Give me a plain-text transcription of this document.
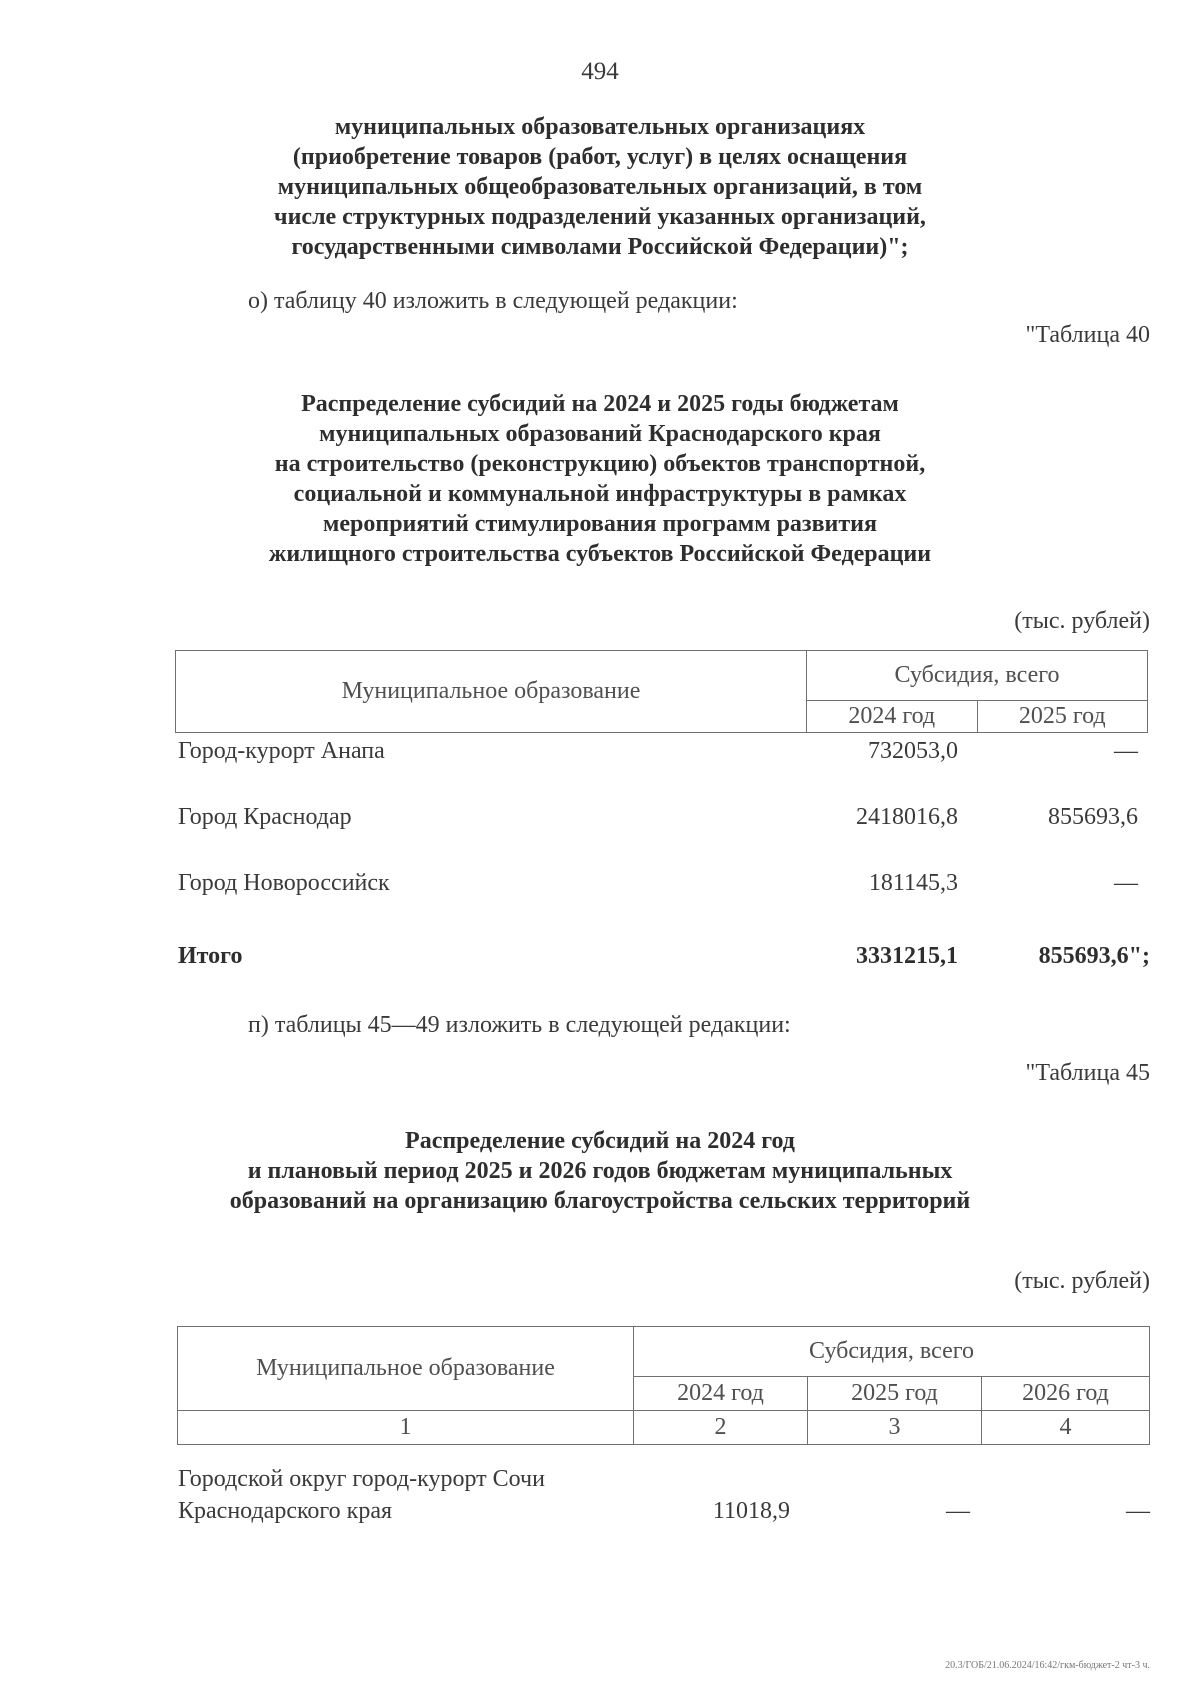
494
муниципальных образовательных организациях
(приобретение товаров (работ, услуг) в целях оснащения
муниципальных общеобразовательных организаций, в том
числе структурных подразделений указанных организаций,
государственными символами Российской Федерации)";
о) таблицу 40 изложить в следующей редакции:
"Таблица 40
Распределение субсидий на 2024 и 2025 годы бюджетам
муниципальных образований Краснодарского края
на строительство (реконструкцию) объектов транспортной,
социальной и коммунальной инфраструктуры в рамках
мероприятий стимулирования программ развития
жилищного строительства субъектов Российской Федерации
(тыс. рублей)
Муниципальное образование	Субсидия, всего	
	2024 год	2025 год
Город-курорт Анапа	732053,0	—
Город Краснодар	2418016,8	855693,6
Город Новороссийск	181145,3	—
Итого	3331215,1	855693,6";
п) таблицы 45—49 изложить в следующей редакции:
"Таблица 45
Распределение субсидий на 2024 год
и плановый период 2025 и 2026 годов бюджетам муниципальных
образований на организацию благоустройства сельских территорий
(тыс. рублей)
Муниципальное образование	Субсидия, всего		
	2024 год	2025 год	2026 год
1	2	3	4
Городской округ город-курорт Сочи
Краснодарского края	11018,9	—	—
20.3/ГОБ/21.06.2024/16:42/гкм-бюджет-2 чт-3 ч.
